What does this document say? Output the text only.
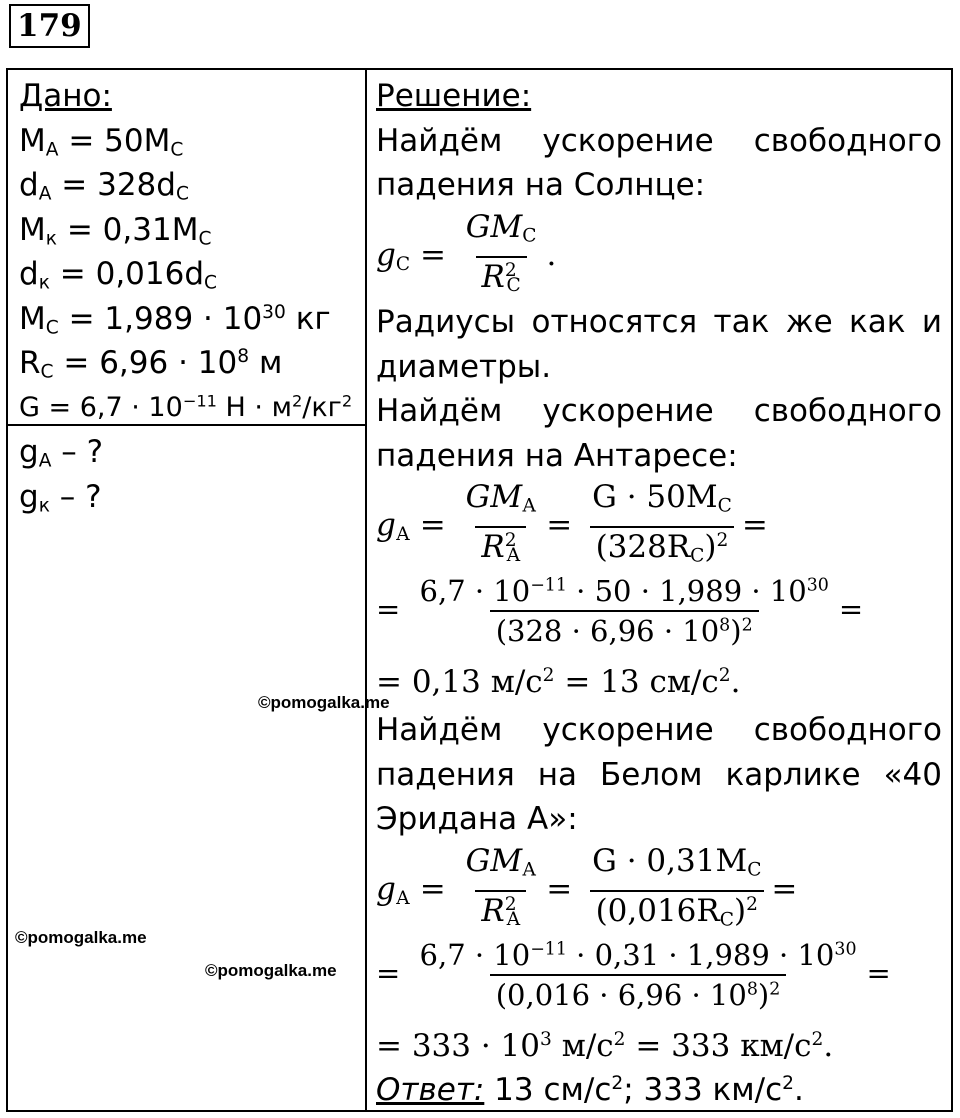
179
Дано:
$M_А = 50M_С$
$d_А = 328d_С$
$M_к = 0,31M_С$
$d_к = 0,016d_С$
$M_С = 1,989 \cdot 10^{30}$ кг
$R_С = 6,96 \cdot 10^8$ м
$G = 6,7 \cdot 10^{-11}$ $Н \cdot м^2/кг^2$
$g_А$ – ?
$g_к$ – ?
Решение:
Найдём ускорение свободного
падения на Солнце:
$g_С = \frac{GM_С}{R^2_С}$ .
Радиусы относятся так же как и
диаметры.
Найдём ускорение свободного
падения на Антаресе:
$g_А = \frac{GM_А}{R^2_А} = \frac{G \cdot 50M_С}{(328R_С)^2}$ =
= $\frac{6,7 \cdot 10^{-11} \cdot 50 \cdot 1,989 \cdot 10^{30}}{(328 \cdot 6,96 \cdot 10^8)^2}$ =
= 0,13 $м/с^2 = 13$ $см/с^2$.
Найдём ускорение свободного
падения на Белом карлике «40
Эридана А»:
$g_А = \frac{GM_А}{R^2_А} = \frac{G \cdot 0,31M_С}{(0,016R_С)^2}$ =
= $\frac{6,7 \cdot 10^{-11} \cdot 0,31 \cdot 1,989 \cdot 10^{30}}{(0,016 \cdot 6,96 \cdot 10^8)^2}$ =
= $333 \cdot 10^3$ $м/с^2 = 333$ $км/с^2$.
Ответ: 13 $см/с^2$; 333 $км/с^2$.
©pomogalka.me
©pomogalka.me
©pomogalka.me
